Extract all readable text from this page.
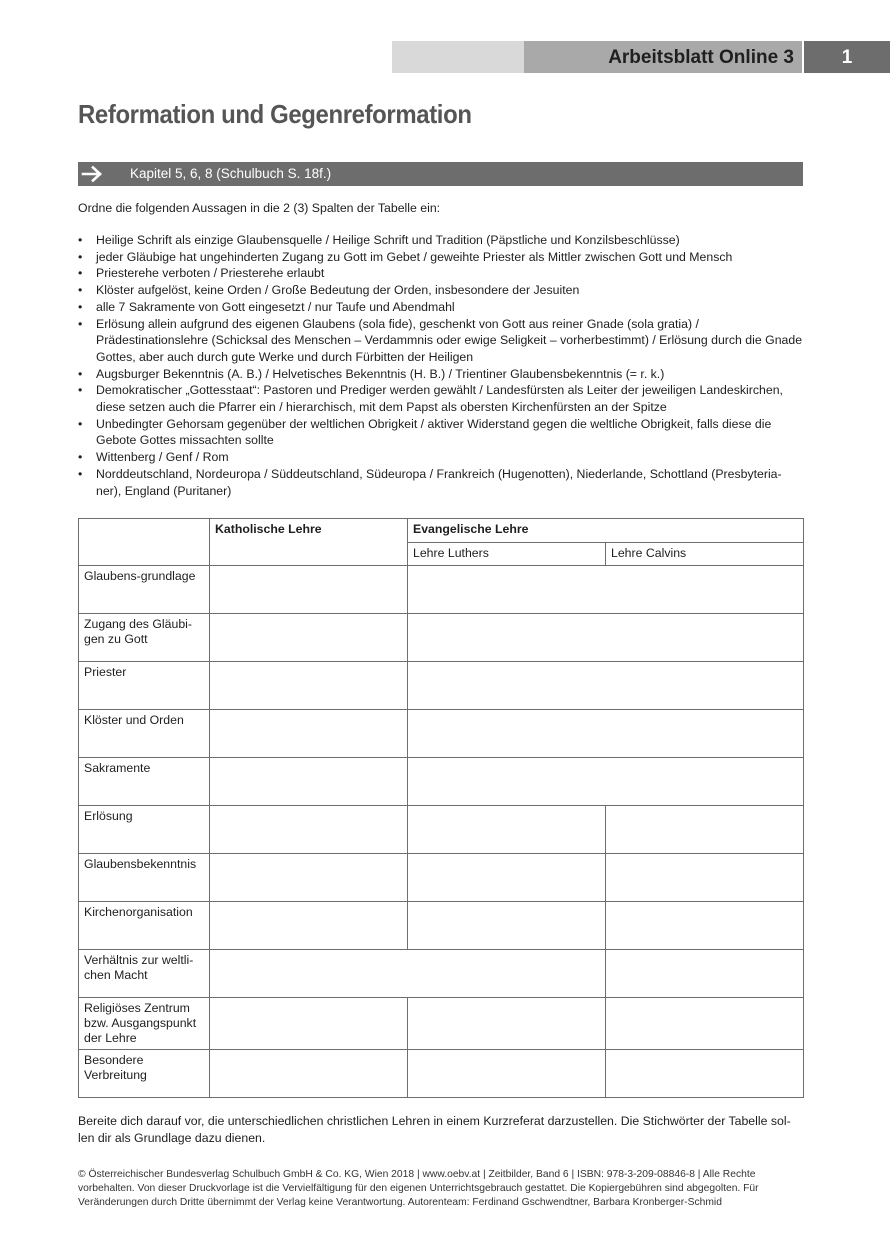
Arbeitsblatt Online 3	1
Reformation und Gegenreformation
Kapitel 5, 6, 8 (Schulbuch S. 18f.)

Ordne die folgenden Aussagen in die 2 (3) Spalten der Tabelle ein:

• Heilige Schrift als einzige Glaubensquelle / Heilige Schrift und Tradition (Päpstliche und Konzilsbeschlüsse)
• jeder Gläubige hat ungehinderten Zugang zu Gott im Gebet / geweihte Priester als Mittler zwischen Gott und Mensch
• Priesterehe verboten / Priesterehe erlaubt
• Klöster aufgelöst, keine Orden / Große Bedeutung der Orden, insbesondere der Jesuiten
• alle 7 Sakramente von Gott eingesetzt / nur Taufe und Abendmahl
• Erlösung allein aufgrund des eigenen Glaubens (sola fide), geschenkt von Gott aus reiner Gnade (sola gratia) / Prädestinationslehre (Schicksal des Menschen – Verdammnis oder ewige Seligkeit – vorherbestimmt) / Erlösung durch die Gnade Gottes, aber auch durch gute Werke und durch Fürbitten der Heiligen
• Augsburger Bekenntnis (A. B.) / Helvetisches Bekenntnis (H. B.) / Trientiner Glaubensbekenntnis (= r. k.)
• Demokratischer „Gottesstaat“: Pastoren und Prediger werden gewählt / Landesfürsten als Leiter der jeweiligen Landeskirchen, diese setzen auch die Pfarrer ein / hierarchisch, mit dem Papst als obersten Kirchenfürsten an der Spitze
• Unbedingter Gehorsam gegenüber der weltlichen Obrigkeit / aktiver Widerstand gegen die weltliche Obrigkeit, falls diese die Gebote Gottes missachten sollte
• Wittenberg / Genf / Rom
• Norddeutschland, Nordeuropa / Süddeutschland, Südeuropa / Frankreich (Hugenotten), Niederlande, Schottland (Presbyteria-ner), England (Puritaner)
	Katholische Lehre	Evangelische Lehre	
		Lehre Luthers	Lehre Calvins
Glaubens-grundlage			
Zugang des Gläubi-gen zu Gott			
Priester			
Klöster und Orden			
Sakramente			
Erlösung			
Glaubensbekenntnis			
Kirchenorganisation			
Verhältnis zur weltli-chen Macht			
Religiöses Zentrum bzw. Ausgangspunkt der Lehre			
Besondere Verbreitung			

Bereite dich darauf vor, die unterschiedlichen christlichen Lehren in einem Kurzreferat darzustellen. Die Stichwörter der Tabelle sol-len dir als Grundlage dazu dienen.

© Österreichischer Bundesverlag Schulbuch GmbH & Co. KG, Wien 2018 | www.oebv.at | Zeitbilder, Band 6 | ISBN: 978-3-209-08846-8 | Alle Rechte vorbehalten. Von dieser Druckvorlage ist die Vervielfältigung für den eigenen Unterrichtsgebrauch gestattet. Die Kopiergebühren sind abgegolten. Für Veränderungen durch Dritte übernimmt der Verlag keine Verantwortung. Autorenteam: Ferdinand Gschwendtner, Barbara Kronberger-Schmid
